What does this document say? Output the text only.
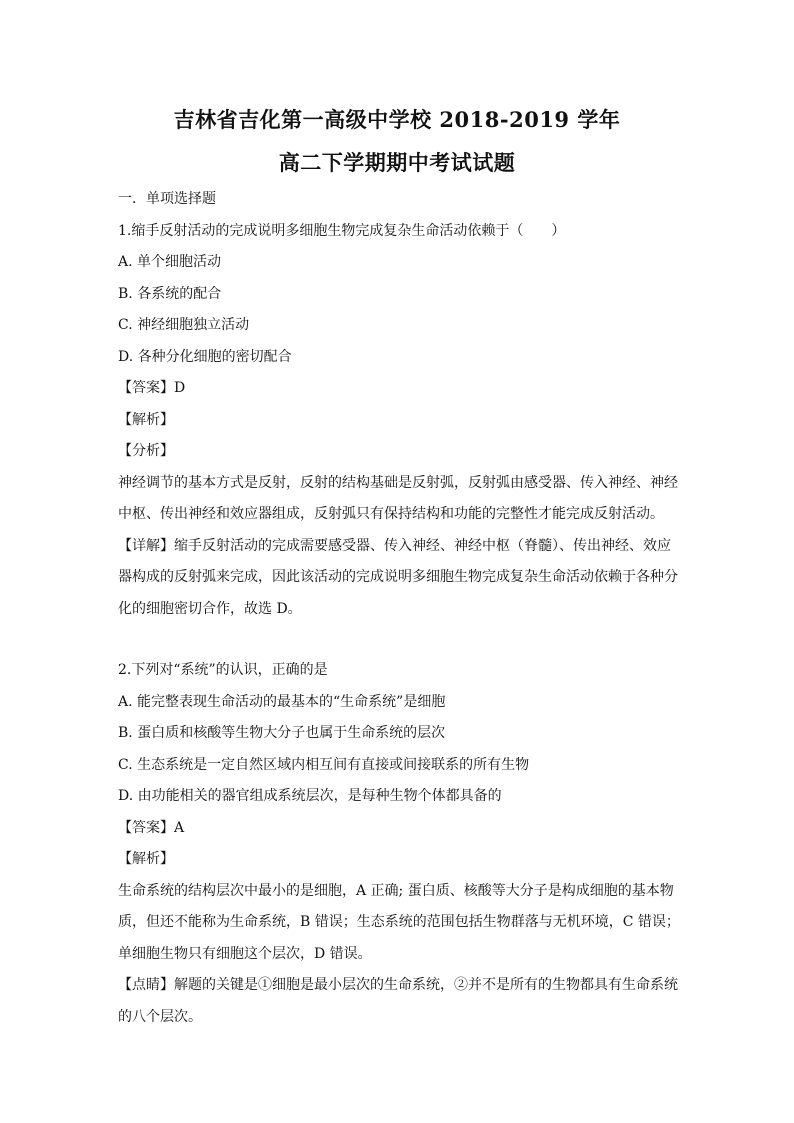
吉林省吉化第一高级中学校 2018-2019 学年
高二下学期期中考试试题
一．单项选择题
1.缩手反射活动的完成说明多细胞生物完成复杂生命活动依赖于（　　）
A. 单个细胞活动
B. 各系统的配合
C. 神经细胞独立活动
D. 各种分化细胞的密切配合
【答案】D
【解析】
【分析】
神经调节的基本方式是反射，反射的结构基础是反射弧，反射弧由感受器、传入神经、神经
中枢、传出神经和效应器组成，反射弧只有保持结构和功能的完整性才能完成反射活动。
【详解】缩手反射活动的完成需要感受器、传入神经、神经中枢（脊髓）、传出神经、效应
器构成的反射弧来完成，因此该活动的完成说明多细胞生物完成复杂生命活动依赖于各种分
化的细胞密切合作，故选 D。
2.下列对“系统”的认识，正确的是
A. 能完整表现生命活动的最基本的“生命系统”是细胞
B. 蛋白质和核酸等生物大分子也属于生命系统的层次
C. 生态系统是一定自然区域内相互间有直接或间接联系的所有生物
D. 由功能相关的器官组成系统层次，是每种生物个体都具备的
【答案】A
【解析】
生命系统的结构层次中最小的是细胞，A 正确; 蛋白质、核酸等大分子是构成细胞的基本物
质，但还不能称为生命系统，B 错误；生态系统的范围包括生物群落与无机环境，C 错误；
单细胞生物只有细胞这个层次，D 错误。
【点睛】解题的关键是①细胞是最小层次的生命系统，②并不是所有的生物都具有生命系统
的八个层次。
